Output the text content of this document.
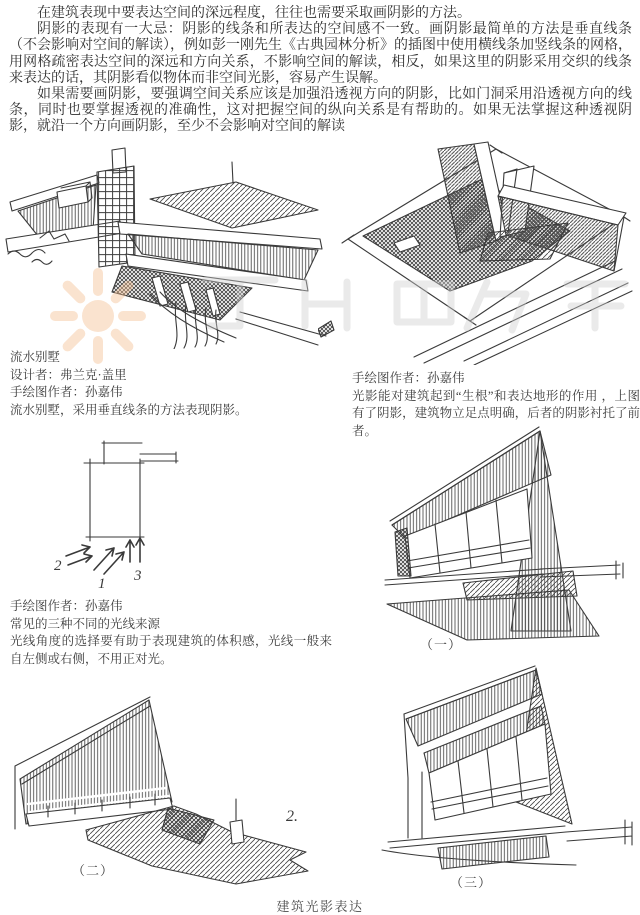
在建筑表现中要表达空间的深远程度，往往也需要采取画阴影的方法。

阴影的表现有一大忌：阴影的线条和所表达的空间感不一致。画阴影最简单的方法是垂直线条（不会影响对空间的解读），例如彭一刚先生《古典园林分析》的插图中使用横线条加竖线条的网格，用网格疏密表达空间的深远和方向关系，不影响空间的解读，相反，如果这里的阴影采用交织的线条来表达的话，其阴影看似物体而非空间光影，容易产生误解。

如果需要画阴影，要强调空间关系应该是加强沿透视方向的阴影，比如门洞采用沿透视方向的线条，同时也要掌握透视的准确性，这对把握空间的纵向关系是有帮助的。如果无法掌握这种透视阴影，就沿一个方向画阴影，至少不会影响对空间的解读

流水别墅
设计者：弗兰克·盖里
手绘图作者：孙嘉伟
流水别墅，采用垂直线条的方法表现阴影。
手绘图作者：孙嘉伟
光影能对建筑起到“生根”和表达地形的作用 ，上图有了阴影，建筑物立足点明确，后者的阴影衬托了前者。
2
1 3
手绘图作者：孙嘉伟
常见的三种不同的光线来源
光线角度的选择要有助于表现建筑的体积感，光线一般来自左侧或右侧，不用正对光。
（一）
（二）
2.
（三）
建筑光影表达
